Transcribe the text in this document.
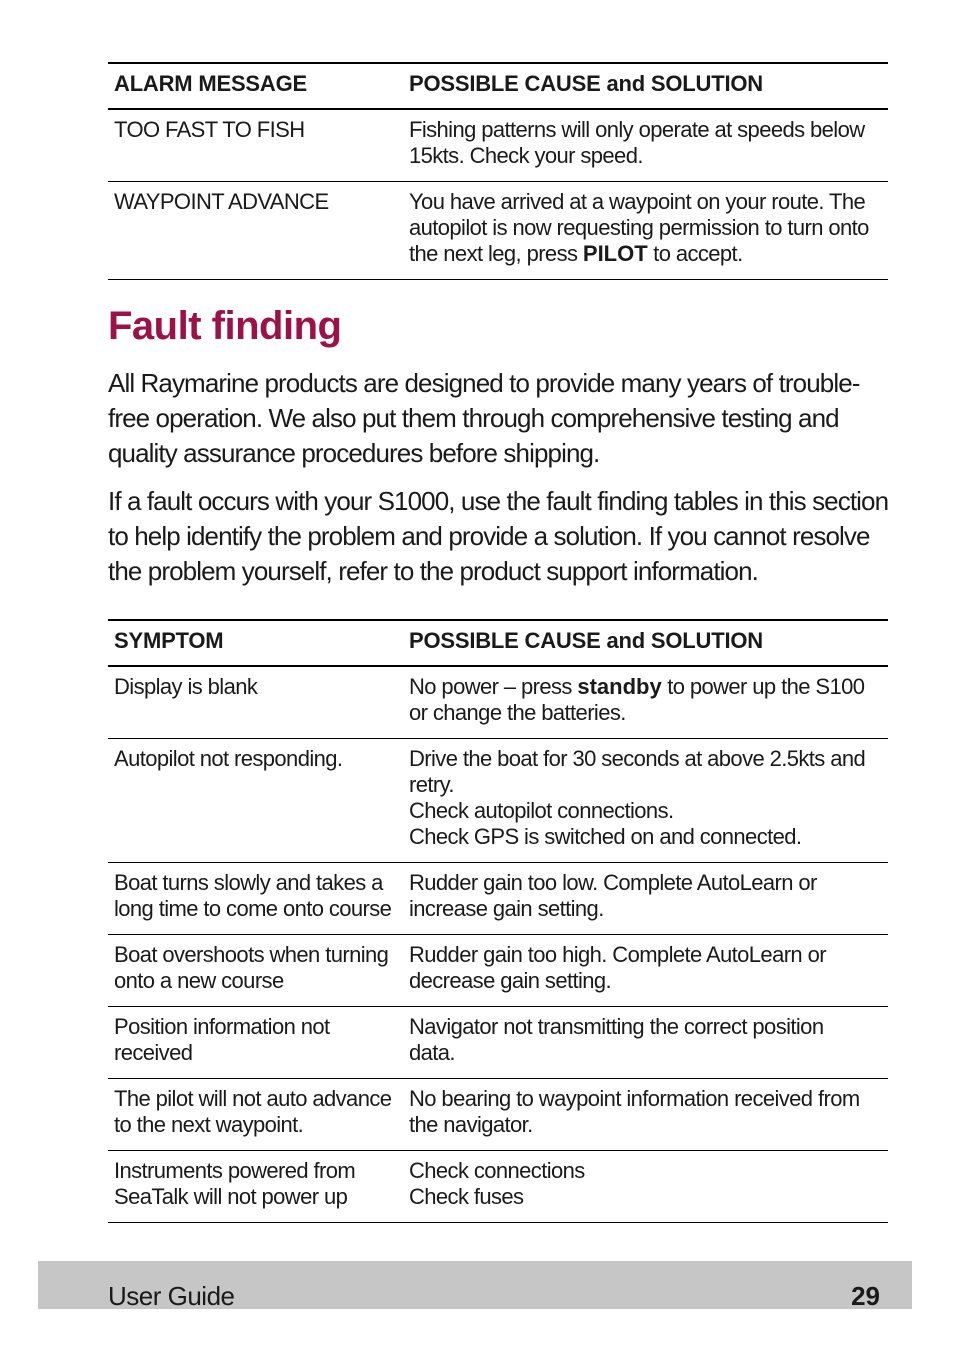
ALARM MESSAGE	POSSIBLE CAUSE and SOLUTION

TOO FAST TO FISH	Fishing patterns will only operate at speeds below
15kts. Check your speed.

WAYPOINT ADVANCE	You have arrived at a waypoint on your route. The
autopilot is now requesting permission to turn onto
the next leg, press PILOT to accept.
Fault finding

All Raymarine products are designed to provide many years of trouble-free operation. We also put them through comprehensive testing and quality assurance procedures before shipping.

If a fault occurs with your S1000, use the fault finding tables in this section to help identify the problem and provide a solution. If you cannot resolve the problem yourself, refer to the product support information.

SYMPTOM	POSSIBLE CAUSE and SOLUTION

Display is blank	No power – press standby to power up the S100
or change the batteries.

Autopilot not responding.	Drive the boat for 30 seconds at above 2.5kts and
retry.
Check autopilot connections.
Check GPS is switched on and connected.

Boat turns slowly and takes a
long time to come onto course	Rudder gain too low. Complete AutoLearn or
increase gain setting.

Boat overshoots when turning
onto a new course	Rudder gain too high. Complete AutoLearn or
decrease gain setting.

Position information not
received	Navigator not transmitting the correct position
data.

The pilot will not auto advance
to the next waypoint.	No bearing to waypoint information received from
the navigator.

Instruments powered from
SeaTalk will not power up	Check connections
Check fuses
User Guide	29
